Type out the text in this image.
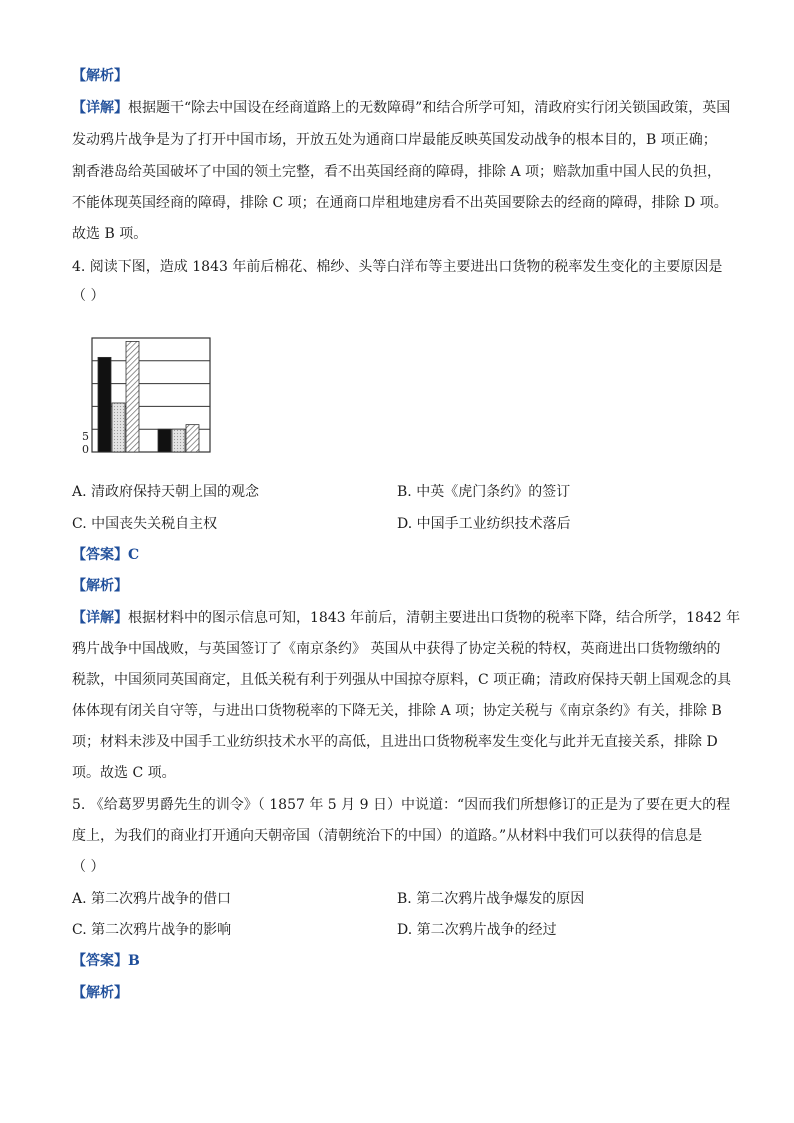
【解析】
【详解】根据题干“除去中国设在经商道路上的无数障碍”和结合所学可知，清政府实行闭关锁国政策，英国
发动鸦片战争是为了打开中国市场，开放五处为通商口岸最能反映英国发动战争的根本目的，B 项正确；
割香港岛给英国破坏了中国的领土完整，看不出英国经商的障碍，排除 A 项；赔款加重中国人民的负担，
不能体现英国经商的障碍，排除 C 项；在通商口岸租地建房看不出英国要除去的经商的障碍，排除 D 项。
故选 B 项。
4. 阅读下图，造成 1843 年前后棉花、棉纱、头等白洋布等主要进出口货物的税率发生变化的主要原因是
（ ）
5
0
A. 清政府保持天朝上国的观念	B. 中英《虎门条约》的签订
C. 中国丧失关税自主权	D. 中国手工业纺织技术落后
【答案】C
【解析】
【详解】根据材料中的图示信息可知，1843 年前后，清朝主要进出口货物的税率下降，结合所学，1842 年
鸦片战争中国战败，与英国签订了《南京条约》 英国从中获得了协定关税的特权，英商进出口货物缴纳的
税款，中国须同英国商定，且低关税有利于列强从中国掠夺原料，C 项正确；清政府保持天朝上国观念的具
体体现有闭关自守等，与进出口货物税率的下降无关，排除 A 项；协定关税与《南京条约》有关，排除 B
项；材料未涉及中国手工业纺织技术水平的高低，且进出口货物税率发生变化与此并无直接关系，排除 D
项。故选 C 项。
5. 《给葛罗男爵先生的训令》（ 1857 年 5 月 9 日）中说道：“因而我们所想修订的正是为了要在更大的程
度上，为我们的商业打开通向天朝帝国（清朝统治下的中国）的道路。”从材料中我们可以获得的信息是
（ ）
A. 第二次鸦片战争的借口	B. 第二次鸦片战争爆发的原因
C. 第二次鸦片战争的影响	D. 第二次鸦片战争的经过
【答案】B
【解析】
